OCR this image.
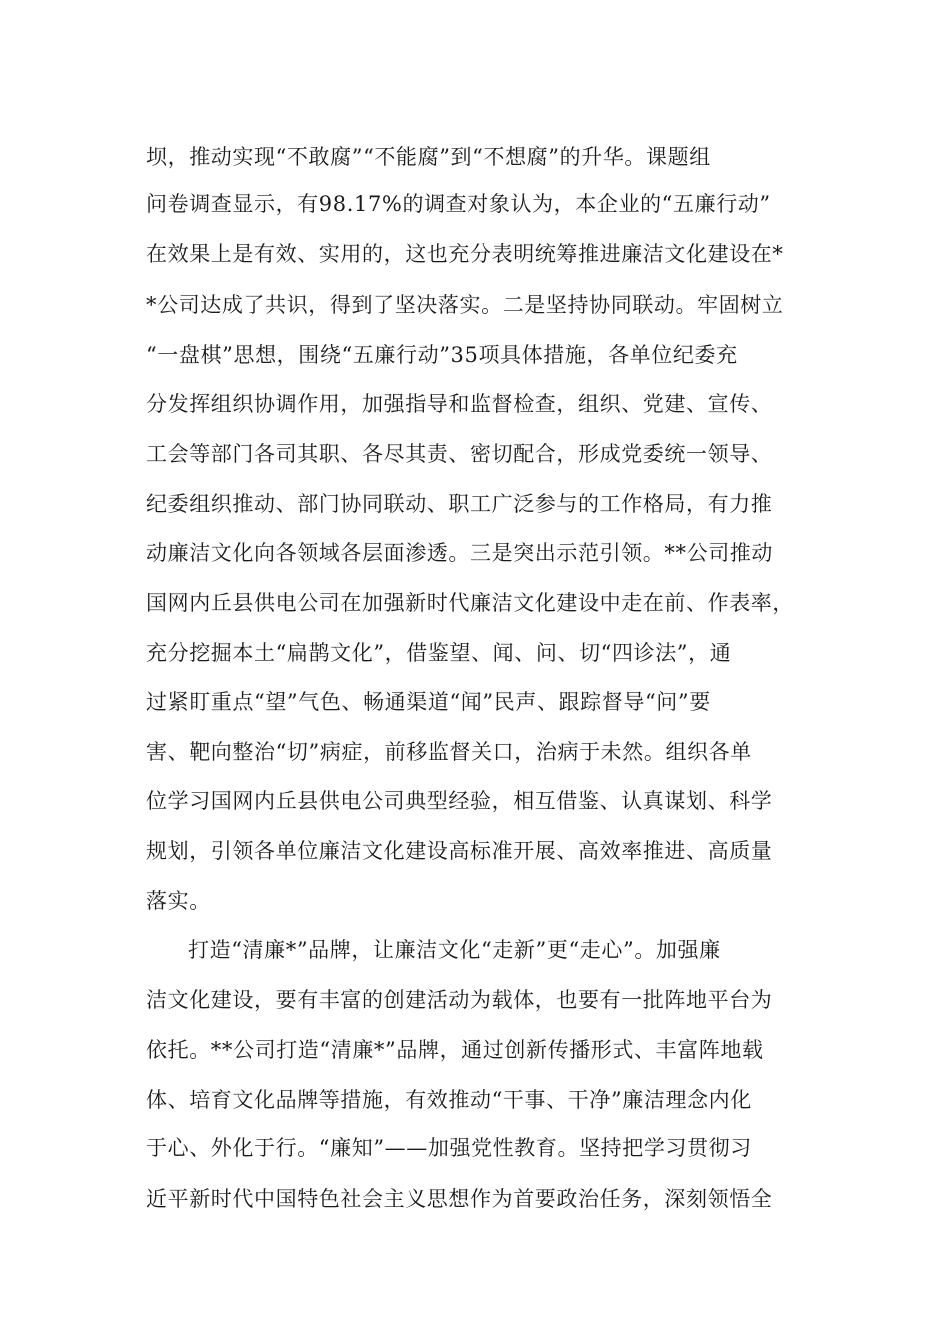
坝，推动实现“不敢腐”“不能腐”到“不想腐”的升华。课题组
问卷调查显示，有98.17%的调查对象认为，本企业的“五廉行动”
在效果上是有效、实用的，这也充分表明统筹推进廉洁文化建设在*
*公司达成了共识，得到了坚决落实。二是坚持协同联动。牢固树立
“一盘棋”思想，围绕“五廉行动”35项具体措施，各单位纪委充
分发挥组织协调作用，加强指导和监督检查，组织、党建、宣传、
工会等部门各司其职、各尽其责、密切配合，形成党委统一领导、
纪委组织推动、部门协同联动、职工广泛参与的工作格局，有力推
动廉洁文化向各领域各层面渗透。三是突出示范引领。**公司推动
国网内丘县供电公司在加强新时代廉洁文化建设中走在前、作表率，
充分挖掘本土“扁鹊文化”，借鉴望、闻、问、切“四诊法”，通
过紧盯重点“望”气色、畅通渠道“闻”民声、跟踪督导“问”要
害、靶向整治“切”病症，前移监督关口，治病于未然。组织各单
位学习国网内丘县供电公司典型经验，相互借鉴、认真谋划、科学
规划，引领各单位廉洁文化建设高标准开展、高效率推进、高质量
落实。
打造“清廉*”品牌，让廉洁文化“走新”更“走心”。加强廉
洁文化建设，要有丰富的创建活动为载体，也要有一批阵地平台为
依托。**公司打造“清廉*”品牌，通过创新传播形式、丰富阵地载
体、培育文化品牌等措施，有效推动“干事、干净”廉洁理念内化
于心、外化于行。“廉知”——加强党性教育。坚持把学习贯彻习
近平新时代中国特色社会主义思想作为首要政治任务，深刻领悟全
